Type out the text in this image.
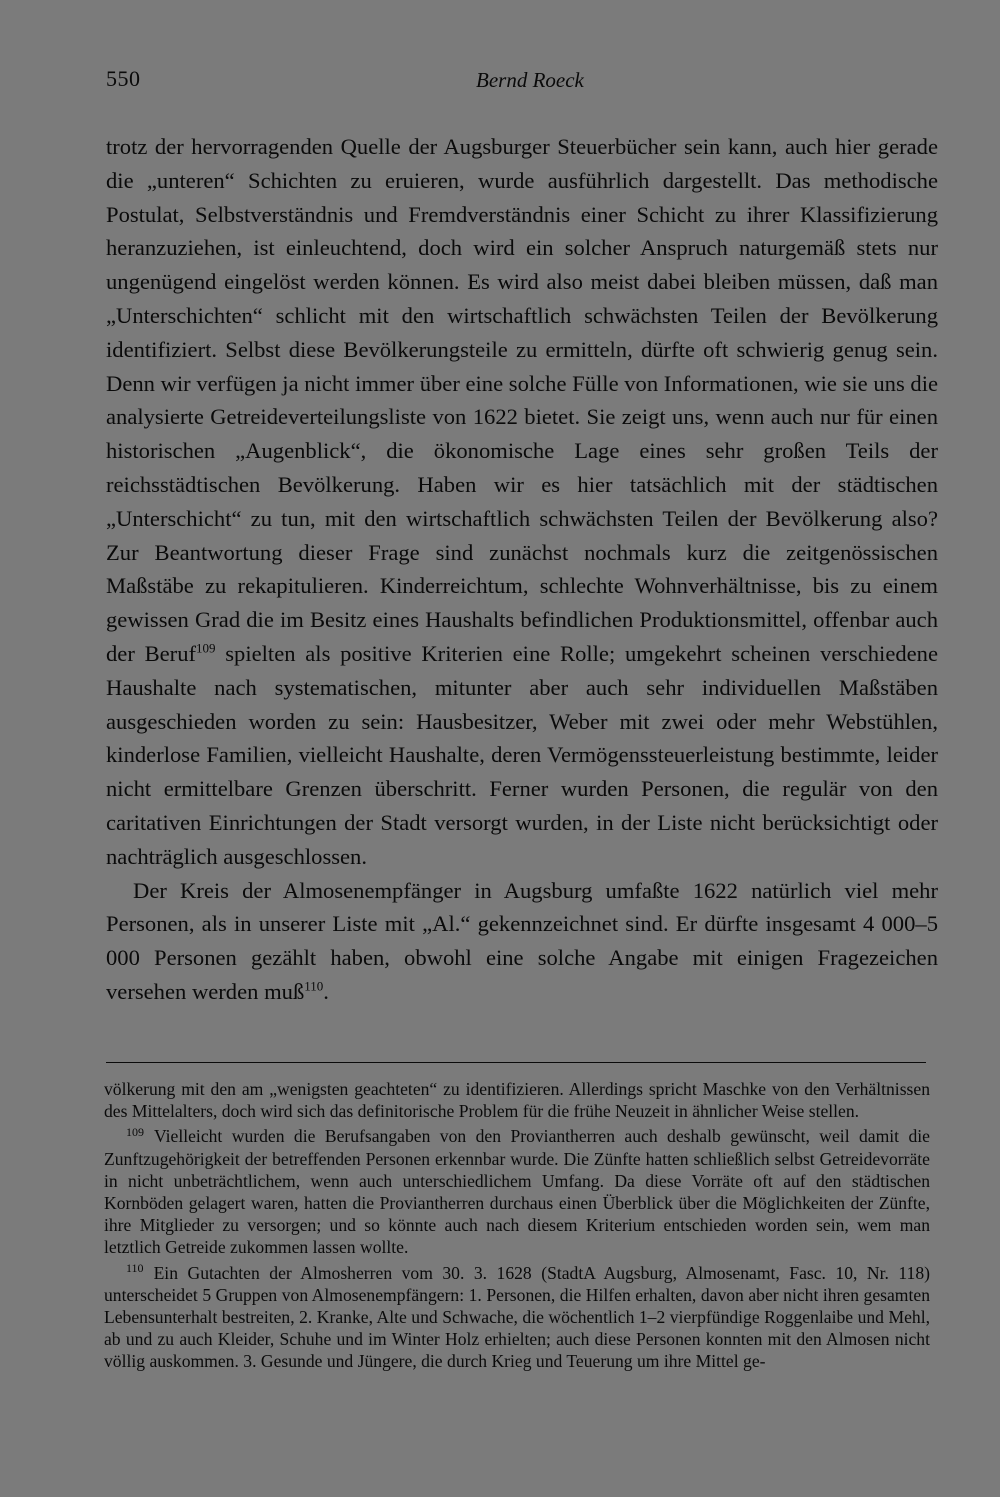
550	Bernd Roeck

trotz der hervorragenden Quelle der Augsburger Steuerbücher sein kann, auch hier gerade die „unteren“ Schichten zu eruieren, wurde ausführlich dargestellt. Das methodische Postulat, Selbstverständnis und Fremdverständnis einer Schicht zu ihrer Klassifizierung heranzuziehen, ist einleuchtend, doch wird ein solcher Anspruch naturgemäß stets nur ungenügend eingelöst werden können. Es wird also meist dabei bleiben müssen, daß man „Unterschichten“ schlicht mit den wirtschaftlich schwächsten Teilen der Bevölkerung identifiziert. Selbst diese Bevölkerungsteile zu ermitteln, dürfte oft schwierig genug sein. Denn wir verfügen ja nicht immer über eine solche Fülle von Informationen, wie sie uns die analysierte Getreideverteilungsliste von 1622 bietet. Sie zeigt uns, wenn auch nur für einen historischen „Augenblick“, die ökonomische Lage eines sehr großen Teils der reichsstädtischen Bevölkerung. Haben wir es hier tatsächlich mit der städtischen „Unterschicht“ zu tun, mit den wirtschaftlich schwächsten Teilen der Bevölkerung also? Zur Beantwortung dieser Frage sind zunächst nochmals kurz die zeitgenössischen Maßstäbe zu rekapitulieren. Kinderreichtum, schlechte Wohnverhältnisse, bis zu einem gewissen Grad die im Besitz eines Haushalts befindlichen Produktionsmittel, offenbar auch der Beruf$^{109}$ spielten als positive Kriterien eine Rolle; umgekehrt scheinen verschiedene Haushalte nach systematischen, mitunter aber auch sehr individuellen Maßstäben ausgeschieden worden zu sein: Hausbesitzer, Weber mit zwei oder mehr Webstühlen, kinderlose Familien, vielleicht Haushalte, deren Vermögenssteuerleistung bestimmte, leider nicht ermittelbare Grenzen überschritt. Ferner wurden Personen, die regulär von den caritativen Einrichtungen der Stadt versorgt wurden, in der Liste nicht berücksichtigt oder nachträglich ausgeschlossen.

Der Kreis der Almosenempfänger in Augsburg umfaßte 1622 natürlich viel mehr Personen, als in unserer Liste mit „Al.“ gekennzeichnet sind. Er dürfte insgesamt 4 000–5 000 Personen gezählt haben, obwohl eine solche Angabe mit einigen Fragezeichen versehen werden muß$^{110}$.

völkerung mit den am „wenigsten geachteten“ zu identifizieren. Allerdings spricht Maschke von den Verhältnissen des Mittelalters, doch wird sich das definitorische Problem für die frühe Neuzeit in ähnlicher Weise stellen.

$^{109}$ Vielleicht wurden die Berufsangaben von den Proviantherren auch deshalb gewünscht, weil damit die Zunftzugehörigkeit der betreffenden Personen erkennbar wurde. Die Zünfte hatten schließlich selbst Getreidevorräte in nicht unbeträchtlichem, wenn auch unterschiedlichem Umfang. Da diese Vorräte oft auf den städtischen Kornböden gelagert waren, hatten die Proviantherren durchaus einen Überblick über die Möglichkeiten der Zünfte, ihre Mitglieder zu versorgen; und so könnte auch nach diesem Kriterium entschieden worden sein, wem man letztlich Getreide zukommen lassen wollte.

$^{110}$ Ein Gutachten der Almosherren vom 30. 3. 1628 (StadtA Augsburg, Almosenamt, Fasc. 10, Nr. 118) unterscheidet 5 Gruppen von Almosenempfängern: 1. Personen, die Hilfen erhalten, davon aber nicht ihren gesamten Lebensunterhalt bestreiten, 2. Kranke, Alte und Schwache, die wöchentlich 1–2 vierpfündige Roggenlaibe und Mehl, ab und zu auch Kleider, Schuhe und im Winter Holz erhielten; auch diese Personen konnten mit den Almosen nicht völlig auskommen. 3. Gesunde und Jüngere, die durch Krieg und Teuerung um ihre Mittel ge-
